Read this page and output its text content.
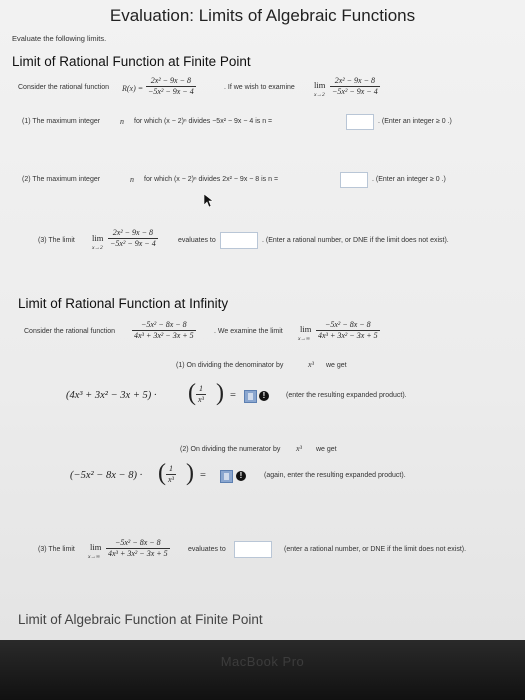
Evaluation: Limits of Algebraic Functions
Evaluate the following limits.
Limit of Rational Function at Finite Point
Consider the rational function $R(x) = \frac{\text{2x² − 9x − 8}}{\text{−5x² − 9x − 4}}$	. If we wish to examine lim
$x\to 2 \frac{\text{2x² − 9x − 8}}{\text{−5x² − 9x − 4}}$
(1) The maximum integer n for which (x − 2)ⁿ divides −5x² − 9x − 4 is n =	. (Enter an integer ≥ 0 .)
(2) The maximum integer	n for which (x − 2)ⁿ divides 2x² − 9x − 8 is n =	. (Enter an integer ≥ 0 .)
(3) The limit lim
$x\to 2 \frac{\text{2x² − 9x − 8}}{\text{−5x² − 9x − 4}}$	evaluates to	. (Enter a rational number, or DNE if the limit does not exist).
Limit of Rational Function at Infinity
Consider the rational function $\frac{\text{−5x² − 8x − 8}}{\text{4x³ + 3x² − 3x + 5}}$	. We examine the limit lim
$x\to\infty \frac{\text{−5x² − 8x − 8}}{\text{4x³ + 3x² − 3x + 5}}$
(1) On dividing the denominator by	x³ we get
(4x³ + 3x² − 3x + 5) · ( $\frac{1}{\text{x³}}$ ) =	!	(enter the resulting expanded product).
(2) On dividing the numerator by x³ we get
(−5x² − 8x − 8) · ( $\frac{1}{\text{x³}}$ ) =	!	(again, enter the resulting expanded product).
(3) The limit lim
$x\to\infty \frac{\text{−5x² − 8x − 8}}{\text{4x³ + 3x² − 3x + 5}}$	evaluates to	(enter a rational number, or DNE if the limit does not exist).
Limit of Algebraic Function at Finite Point
MacBook Pro
